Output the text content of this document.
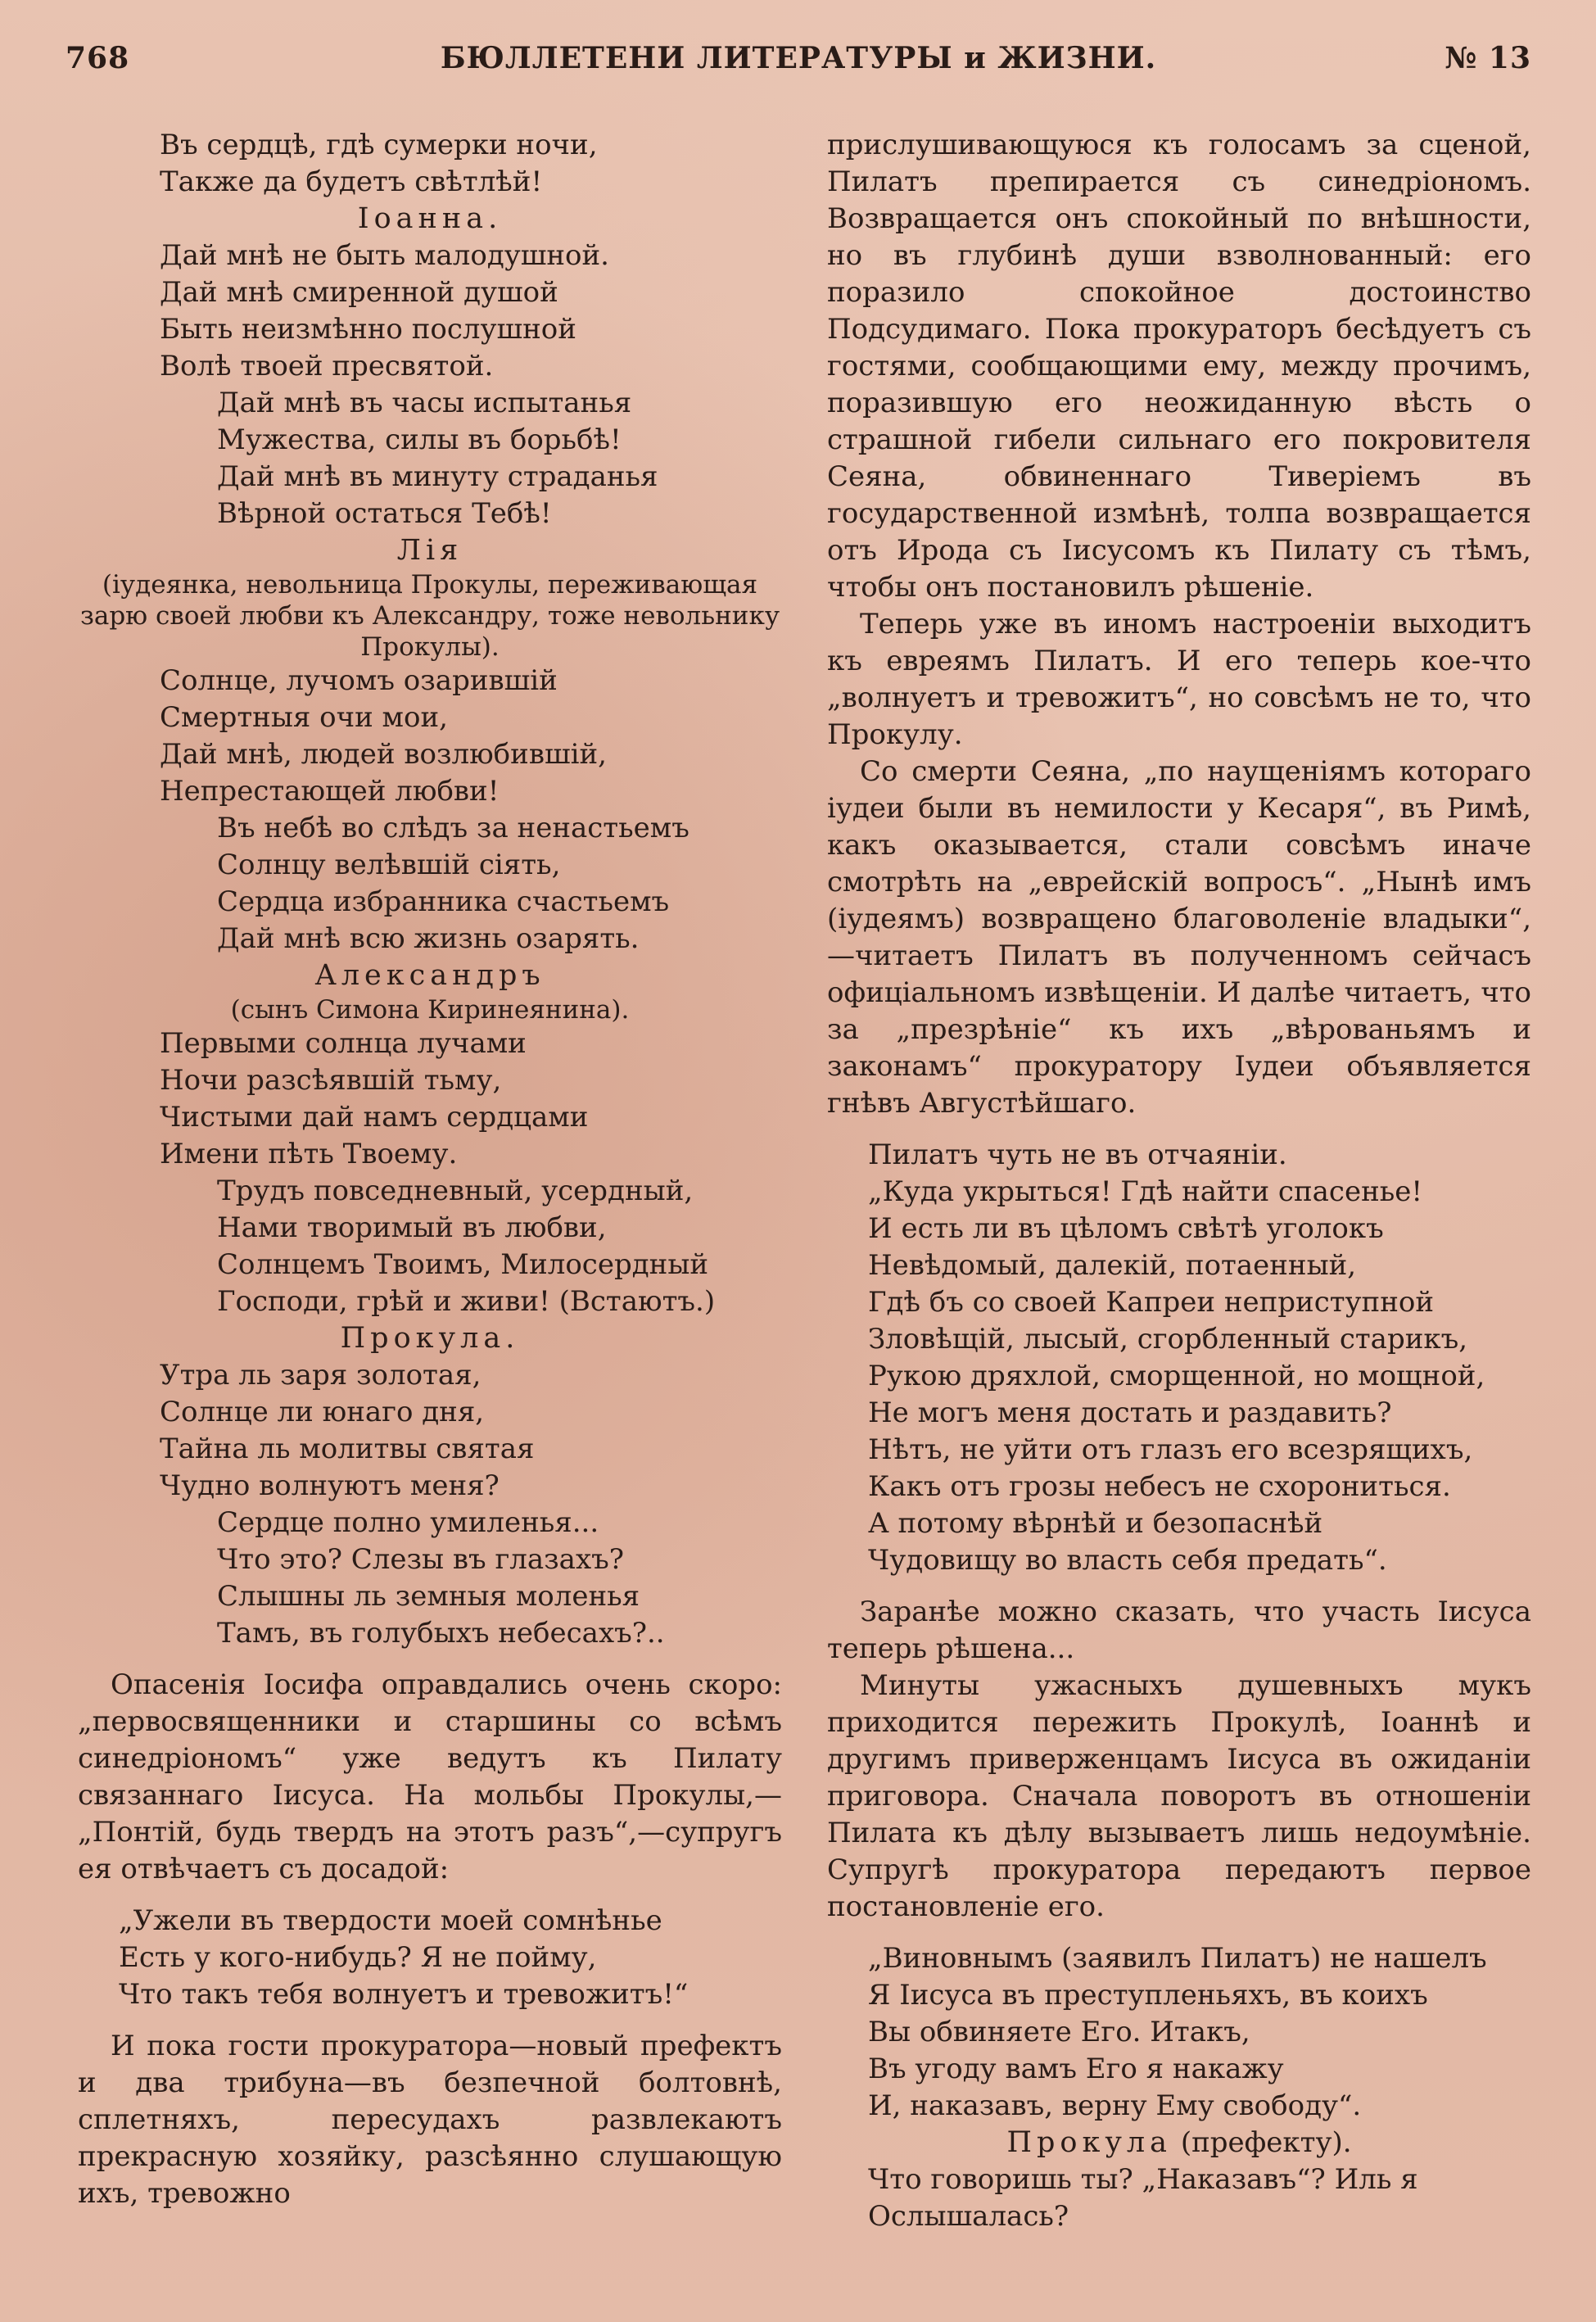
768	БЮЛЛЕТЕНИ ЛИТЕРАТУРЫ и ЖИЗНИ.	№ 13
Въ сердцѣ, гдѣ сумерки ночи,
Также да будетъ свѣтлѣй!
Іоанна.
Дай мнѣ не быть малодушной.
Дай мнѣ смиренной душой
Быть неизмѣнно послушной
Волѣ твоей пресвятой.
Дай мнѣ въ часы испытанья
Мужества, силы въ борьбѣ!
Дай мнѣ въ минуту страданья
Вѣрной остаться Тебѣ!
Лія
(іудеянка, невольница Прокулы, переживающая зарю своей любви къ Александру, тоже невольнику Прокулы).
Солнце, лучомъ озарившій
Смертныя очи мои,
Дай мнѣ, людей возлюбившій,
Непрестающей любви!
Въ небѣ во слѣдъ за ненастьемъ
Солнцу велѣвшій сіять,
Сердца избранника счастьемъ
Дай мнѣ всю жизнь озарять.
Александръ
(сынъ Симона Киринеянина).
Первыми солнца лучами
Ночи разсѣявшій тьму,
Чистыми дай намъ сердцами
Имени пѣть Твоему.
Трудъ повседневный, усердный,
Нами творимый въ любви,
Солнцемъ Твоимъ, Милосердный
Господи, грѣй и живи! (Встаютъ.)
Прокула.
Утра ль заря золотая,
Солнце ли юнаго дня,
Тайна ль молитвы святая
Чудно волнуютъ меня?
Сердце полно умиленья...
Что это? Слезы въ глазахъ?
Слышны ль земныя моленья
Тамъ, въ голубыхъ небесахъ?..
Опасенія Іосифа оправдались очень скоро: „первосвященники и старшины со всѣмъ синедріономъ“ уже ведутъ къ Пилату связаннаго Іисуса. На мольбы Прокулы,—„Понтій, будь твердъ на этотъ разъ“,—супругъ ея отвѣчаетъ съ досадой:
„Ужели въ твердости моей сомнѣнье
Есть у кого-нибудь? Я не пойму,
Что такъ тебя волнуетъ и тревожитъ!“
И пока гости прокуратора—новый префектъ и два трибуна—въ безпечной болтовнѣ, сплетняхъ, пересудахъ развлекаютъ прекрасную хозяйку, разсѣянно слушающую ихъ, тревожно
прислушивающуюся къ голосамъ за сценой, Пилатъ препирается съ синедріономъ. Возвращается онъ спокойный по внѣшности, но въ глубинѣ души взволнованный: его поразило спокойное достоинство Подсудимаго. Пока прокураторъ бесѣдуетъ съ гостями, сообщающими ему, между прочимъ, поразившую его неожиданную вѣсть о страшной гибели сильнаго его покровителя Сеяна, обвиненнаго Тиверіемъ въ государственной измѣнѣ, толпа возвращается отъ Ирода съ Іисусомъ къ Пилату съ тѣмъ, чтобы онъ постановилъ рѣшеніе.
Теперь уже въ иномъ настроеніи выходитъ къ евреямъ Пилатъ. И его теперь кое-что „волнуетъ и тревожитъ“, но совсѣмъ не то, что Прокулу.
Со смерти Сеяна, „по наущеніямъ котораго іудеи были въ немилости у Кесаря“, въ Римѣ, какъ оказывается, стали совсѣмъ иначе смотрѣть на „еврейскій вопросъ“. „Нынѣ имъ (іудеямъ) возвращено благоволеніе владыки“,—читаетъ Пилатъ въ полученномъ сейчасъ офиціальномъ извѣщеніи. И далѣе читаетъ, что за „презрѣніе“ къ ихъ „вѣрованьямъ и законамъ“ прокуратору Іудеи объявляется гнѣвъ Августѣйшаго.
Пилатъ чуть не въ отчаяніи.
„Куда укрыться! Гдѣ найти спасенье!
И есть ли въ цѣломъ свѣтѣ уголокъ
Невѣдомый, далекій, потаенный,
Гдѣ бъ со своей Капреи неприступной
Зловѣщій, лысый, сгорбленный старикъ,
Рукою дряхлой, сморщенной, но мощной,
Не могъ меня достать и раздавить?
Нѣтъ, не уйти отъ глазъ его всезрящихъ,
Какъ отъ грозы небесъ не схорониться.
А потому вѣрнѣй и безопаснѣй
Чудовищу во власть себя предать“.
Заранѣе можно сказать, что участь Іисуса теперь рѣшена...
Минуты ужасныхъ душевныхъ мукъ приходится пережить Прокулѣ, Іоаннѣ и другимъ приверженцамъ Іисуса въ ожиданіи приговора. Сначала поворотъ въ отношеніи Пилата къ дѣлу вызываетъ лишь недоумѣніе. Супругѣ прокуратора передаютъ первое постановленіе его.
„Виновнымъ (заявилъ Пилатъ) не нашелъ
Я Іисуса въ преступленьяхъ, въ коихъ
Вы обвиняете Его. Итакъ,
Въ угоду вамъ Его я накажу
И, наказавъ, верну Ему свободу“.
Прокула (префекту).
Что говоришь ты? „Наказавъ“? Иль я
Ослышалась?
